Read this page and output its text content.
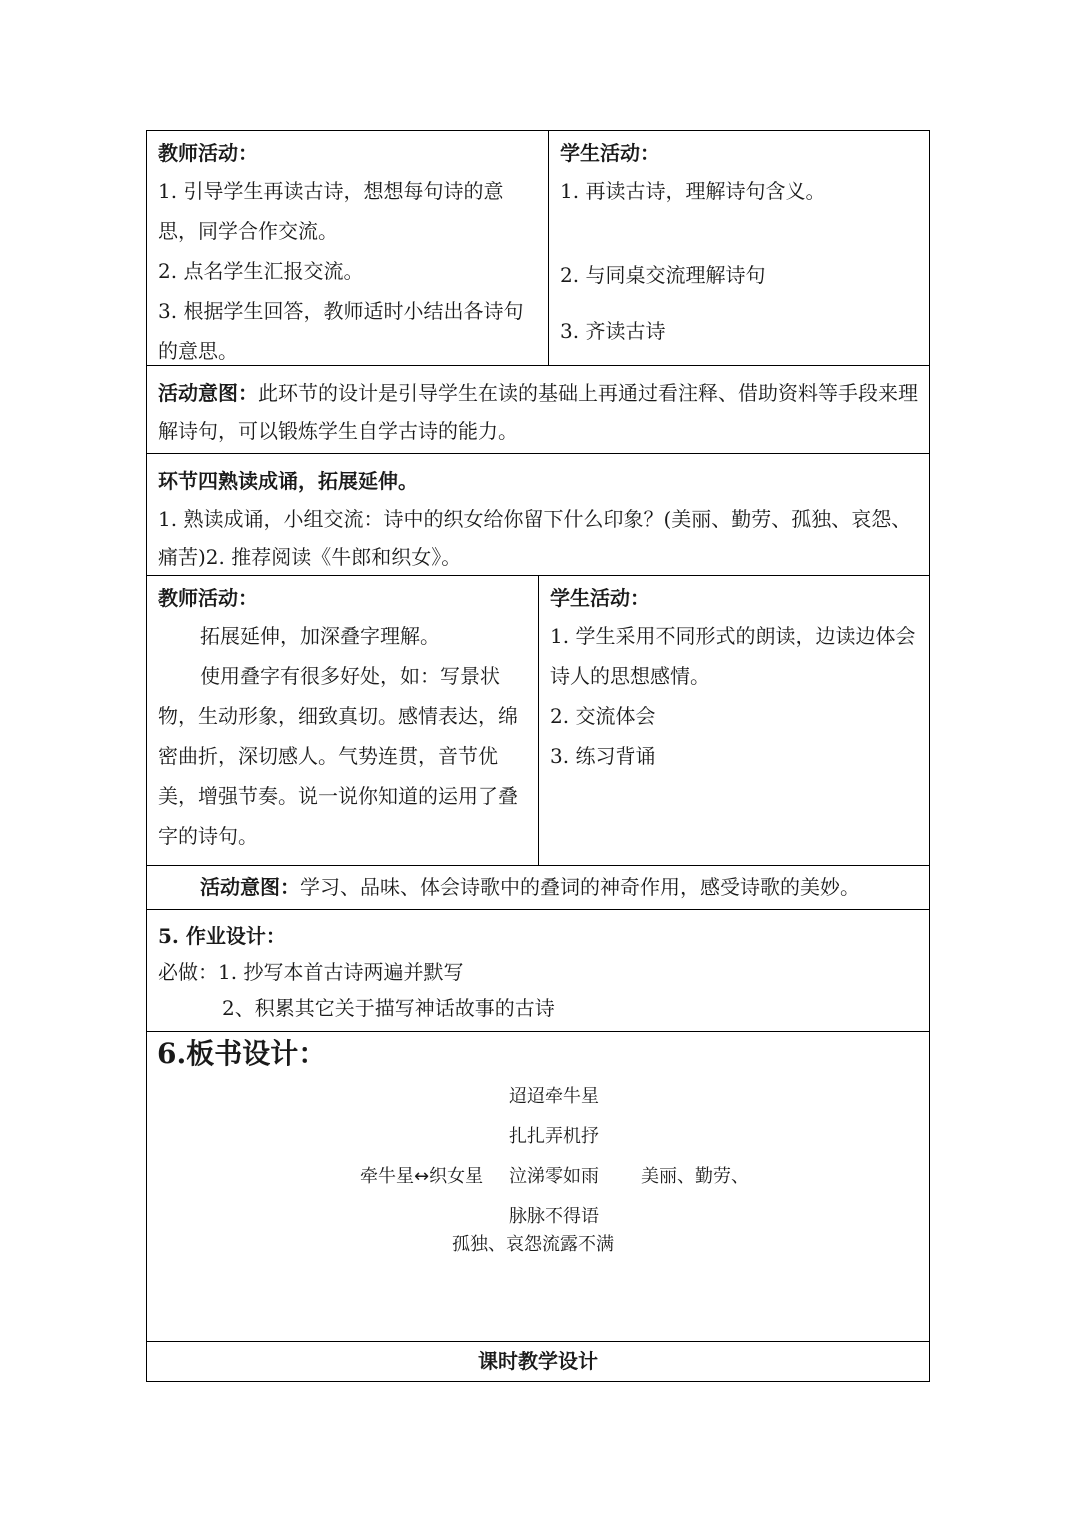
教师活动：

1. 引导学生再读古诗，想想每句诗的意思，同学合作交流。

2. 点名学生汇报交流。

3. 根据学生回答，教师适时小结出各诗句的意思。

学生活动：

1. 再读古诗，理解诗句含义。

2. 与同桌交流理解诗句

3. 齐读古诗

活动意图：此环节的设计是引导学生在读的基础上再通过看注释、借助资料等手段来理解诗句，可以锻炼学生自学古诗的能力。
环节四熟读成诵，拓展延伸。
1. 熟读成诵，小组交流：诗中的织女给你留下什么印象？(美丽、勤劳、孤独、哀怨、痛苦)2. 推荐阅读《牛郎和织女》。
教师活动：

拓展延伸，加深叠字理解。

使用叠字有很多好处，如：写景状物，生动形象，细致真切。感情表达，绵密曲折，深切感人。气势连贯，音节优美，增强节奏。说一说你知道的运用了叠字的诗句。

学生活动：

1. 学生采用不同形式的朗读，边读边体会诗人的思想感情。

2. 交流体会

3. 练习背诵

活动意图：学习、品味、体会诗歌中的叠词的神奇作用，感受诗歌的美妙。
5. 作业设计：
必做：1. 抄写本首古诗两遍并默写
2、积累其它关于描写神话故事的古诗

6.板书设计：

迢迢牵牛星
扎扎弄机抒
牵牛星↔织女星 泣涕零如雨 美丽、勤劳、
脉脉不得语
孤独、哀怨流露不满
课时教学设计
